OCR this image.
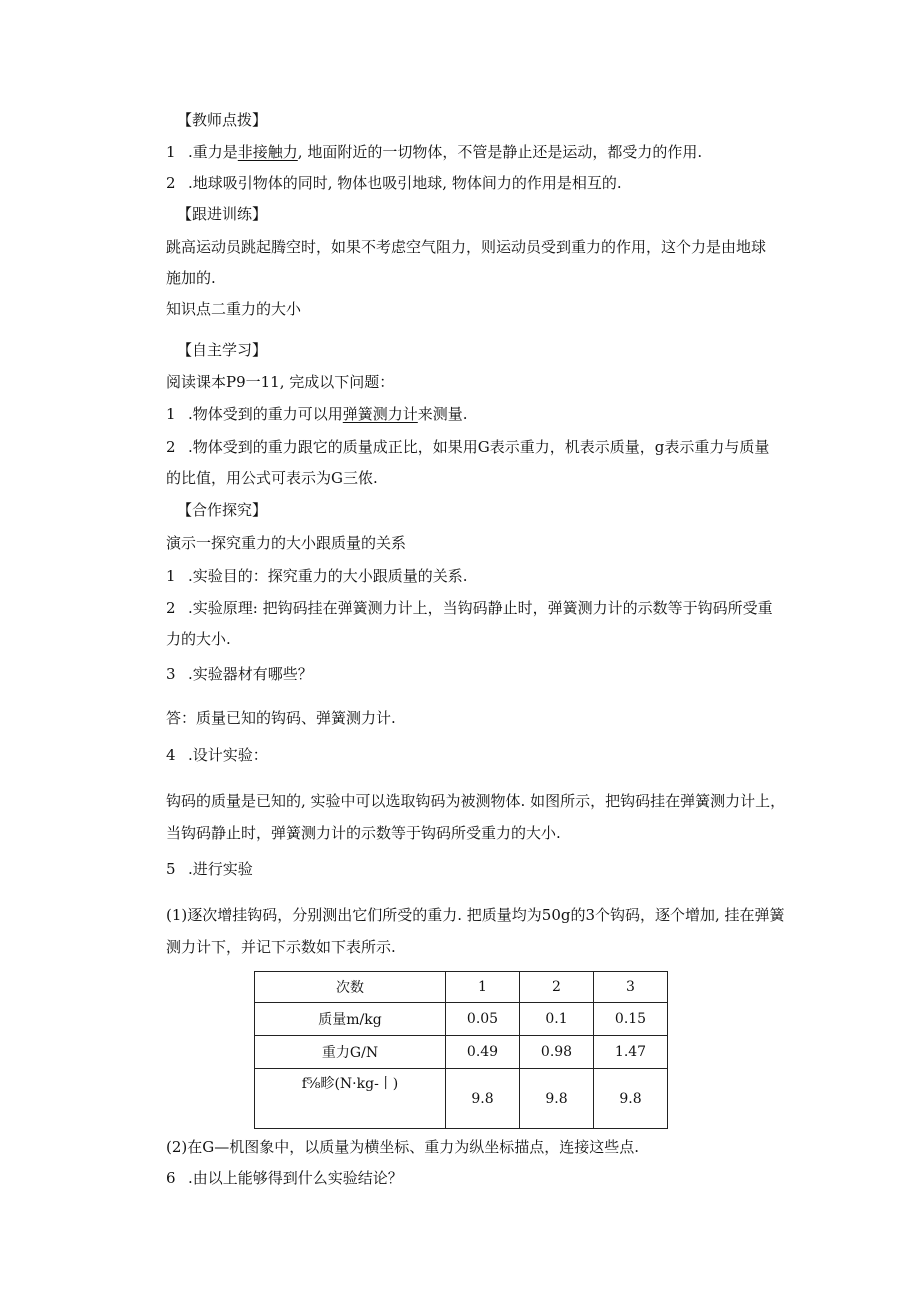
【教师点拨】
1 .重力是非接触力, 地面附近的一切物体，不管是静止还是运动，都受力的作用.
2 .地球吸引物体的同时, 物体也吸引地球, 物体间力的作用是相互的.
【跟进训练】
跳高运动员跳起腾空时，如果不考虑空气阻力，则运动员受到重力的作用，这个力是由地球
施加的.
知识点二重力的大小
【自主学习】
阅读课本P9一11, 完成以下问题：
1 .物体受到的重力可以用弹簧测力计来测量.
2 .物体受到的重力跟它的质量成正比，如果用G表示重力，机表示质量，g表示重力与质量
的比值，用公式可表示为G三侬.
【合作探究】
演示一探究重力的大小跟质量的关系
1 .实验目的：探究重力的大小跟质量的关系.
2 .实验原理: 把钩码挂在弹簧测力计上，当钩码静止时，弹簧测力计的示数等于钩码所受重
力的大小.
3 .实验器材有哪些？
答：质量已知的钩码、弹簧测力计.
4 .设计实验：
钩码的质量是已知的, 实验中可以选取钩码为被测物体. 如图所示，把钩码挂在弹簧测力计上，
当钩码静止时，弹簧测力计的示数等于钩码所受重力的大小.
5 .进行实验
(1)逐次增挂钩码，分别测出它们所受的重力. 把质量均为50g的3个钩码，逐个增加, 挂在弹簧
测力计下，并记下示数如下表所示.
次数	1	2	3
质量m/kg	0.05	0.1	0.15
重力G/N	0.49	0.98	1.47
f⅝畛(N·kg-丨)	9.8	9.8	9.8
(2)在G—机图象中，以质量为横坐标、重力为纵坐标描点，连接这些点.
6 .由以上能够得到什么实验结论？
